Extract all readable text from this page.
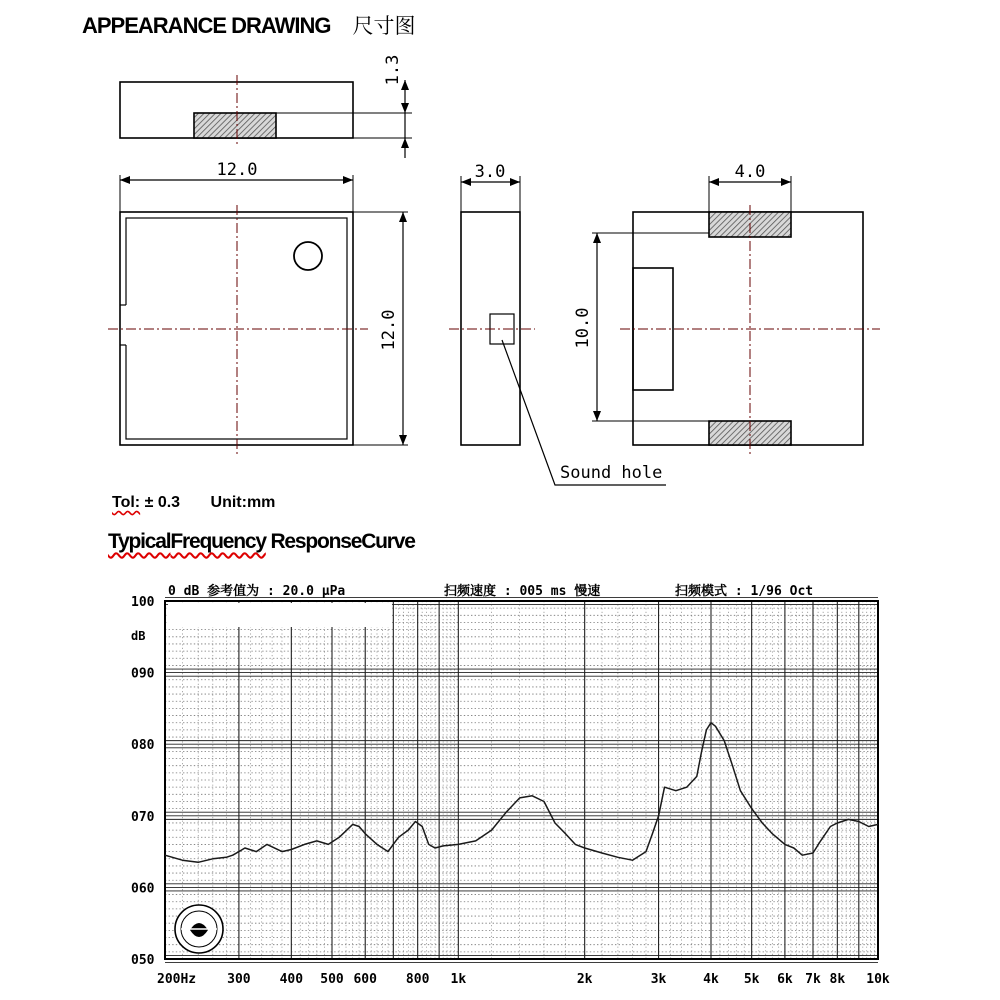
APPEARANCE DRAWING 尺寸图
1.3
12.0
12.0
3.0	4.0
10.0
Sound hole
Tol: ± 0.3 Unit:mm
TypicalFrequency ResponseCurve
0 dB 参考值为 : 20.0 μPa	扫频速度 : 005 ms 慢速	扫频模式 : 1/96 Oct
dB
100
090
080
070
060
050
200Hz 300 400 500 600 800 1k	2k	3k	4k 5k 6k 7k 8k 10k
